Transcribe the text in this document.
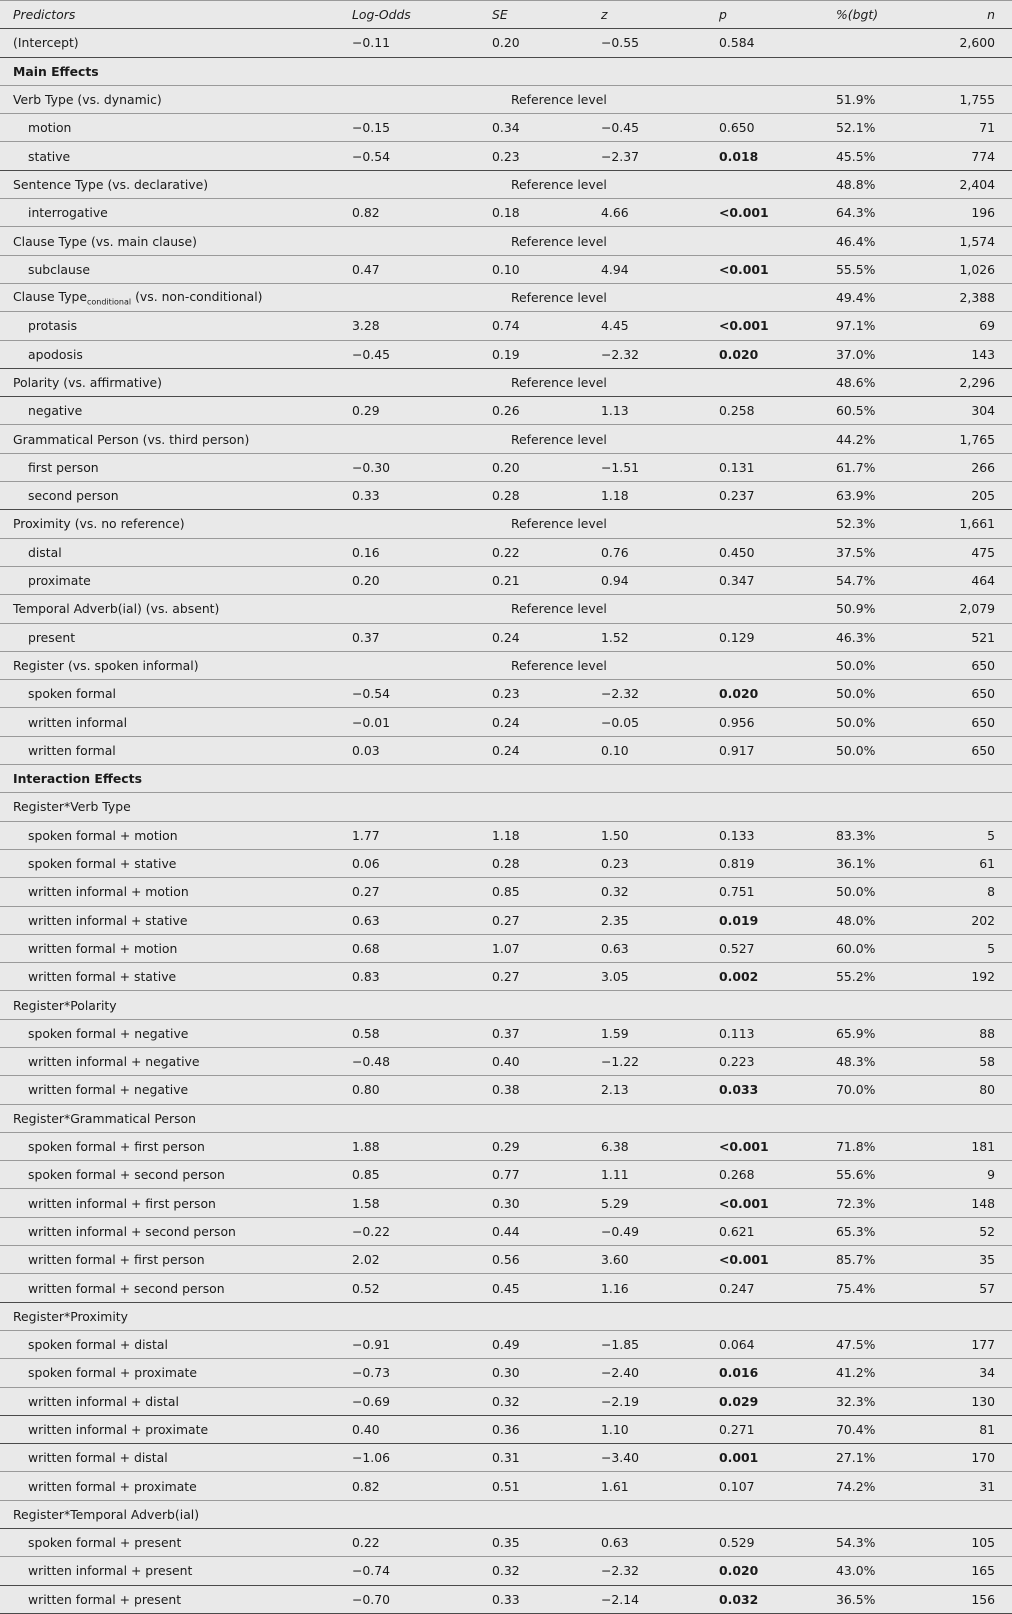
Predictors	Log-Odds	SE	z	p	%(bgt)	n
(Intercept)	−0.11	0.20	−0.55	0.584		2,600
Main Effects						
Verb Type (vs. dynamic)		Reference level			51.9%	1,755
motion	−0.15	0.34	−0.45	0.650	52.1%	71
stative	−0.54	0.23	−2.37	0.018	45.5%	774
Sentence Type (vs. declarative)		Reference level			48.8%	2,404
interrogative	0.82	0.18	4.66	<0.001	64.3%	196
Clause Type (vs. main clause)		Reference level			46.4%	1,574
subclause	0.47	0.10	4.94	<0.001	55.5%	1,026
Clause Type$_{conditional}$ (vs. non-conditional)		Reference level			49.4%	2,388
protasis	3.28	0.74	4.45	<0.001	97.1%	69
apodosis	−0.45	0.19	−2.32	0.020	37.0%	143
Polarity (vs. affirmative)		Reference level			48.6%	2,296
negative	0.29	0.26	1.13	0.258	60.5%	304
Grammatical Person (vs. third person)		Reference level			44.2%	1,765
first person	−0.30	0.20	−1.51	0.131	61.7%	266
second person	0.33	0.28	1.18	0.237	63.9%	205
Proximity (vs. no reference)		Reference level			52.3%	1,661
distal	0.16	0.22	0.76	0.450	37.5%	475
proximate	0.20	0.21	0.94	0.347	54.7%	464
Temporal Adverb(ial) (vs. absent)		Reference level			50.9%	2,079
present	0.37	0.24	1.52	0.129	46.3%	521
Register (vs. spoken informal)		Reference level			50.0%	650
spoken formal	−0.54	0.23	−2.32	0.020	50.0%	650
written informal	−0.01	0.24	−0.05	0.956	50.0%	650
written formal	0.03	0.24	0.10	0.917	50.0%	650
Interaction Effects						
Register*Verb Type						
spoken formal + motion	1.77	1.18	1.50	0.133	83.3%	5
spoken formal + stative	0.06	0.28	0.23	0.819	36.1%	61
written informal + motion	0.27	0.85	0.32	0.751	50.0%	8
written informal + stative	0.63	0.27	2.35	0.019	48.0%	202
written formal + motion	0.68	1.07	0.63	0.527	60.0%	5
written formal + stative	0.83	0.27	3.05	0.002	55.2%	192
Register*Polarity						
spoken formal + negative	0.58	0.37	1.59	0.113	65.9%	88
written informal + negative	−0.48	0.40	−1.22	0.223	48.3%	58
written formal + negative	0.80	0.38	2.13	0.033	70.0%	80
Register*Grammatical Person						
spoken formal + first person	1.88	0.29	6.38	<0.001	71.8%	181
spoken formal + second person	0.85	0.77	1.11	0.268	55.6%	9
written informal + first person	1.58	0.30	5.29	<0.001	72.3%	148
written informal + second person	−0.22	0.44	−0.49	0.621	65.3%	52
written formal + first person	2.02	0.56	3.60	<0.001	85.7%	35
written formal + second person	0.52	0.45	1.16	0.247	75.4%	57
Register*Proximity						
spoken formal + distal	−0.91	0.49	−1.85	0.064	47.5%	177
spoken formal + proximate	−0.73	0.30	−2.40	0.016	41.2%	34
written informal + distal	−0.69	0.32	−2.19	0.029	32.3%	130
written informal + proximate	0.40	0.36	1.10	0.271	70.4%	81
written formal + distal	−1.06	0.31	−3.40	0.001	27.1%	170
written formal + proximate	0.82	0.51	1.61	0.107	74.2%	31
Register*Temporal Adverb(ial)						
spoken formal + present	0.22	0.35	0.63	0.529	54.3%	105
written informal + present	−0.74	0.32	−2.32	0.020	43.0%	165
written formal + present	−0.70	0.33	−2.14	0.032	36.5%	156
